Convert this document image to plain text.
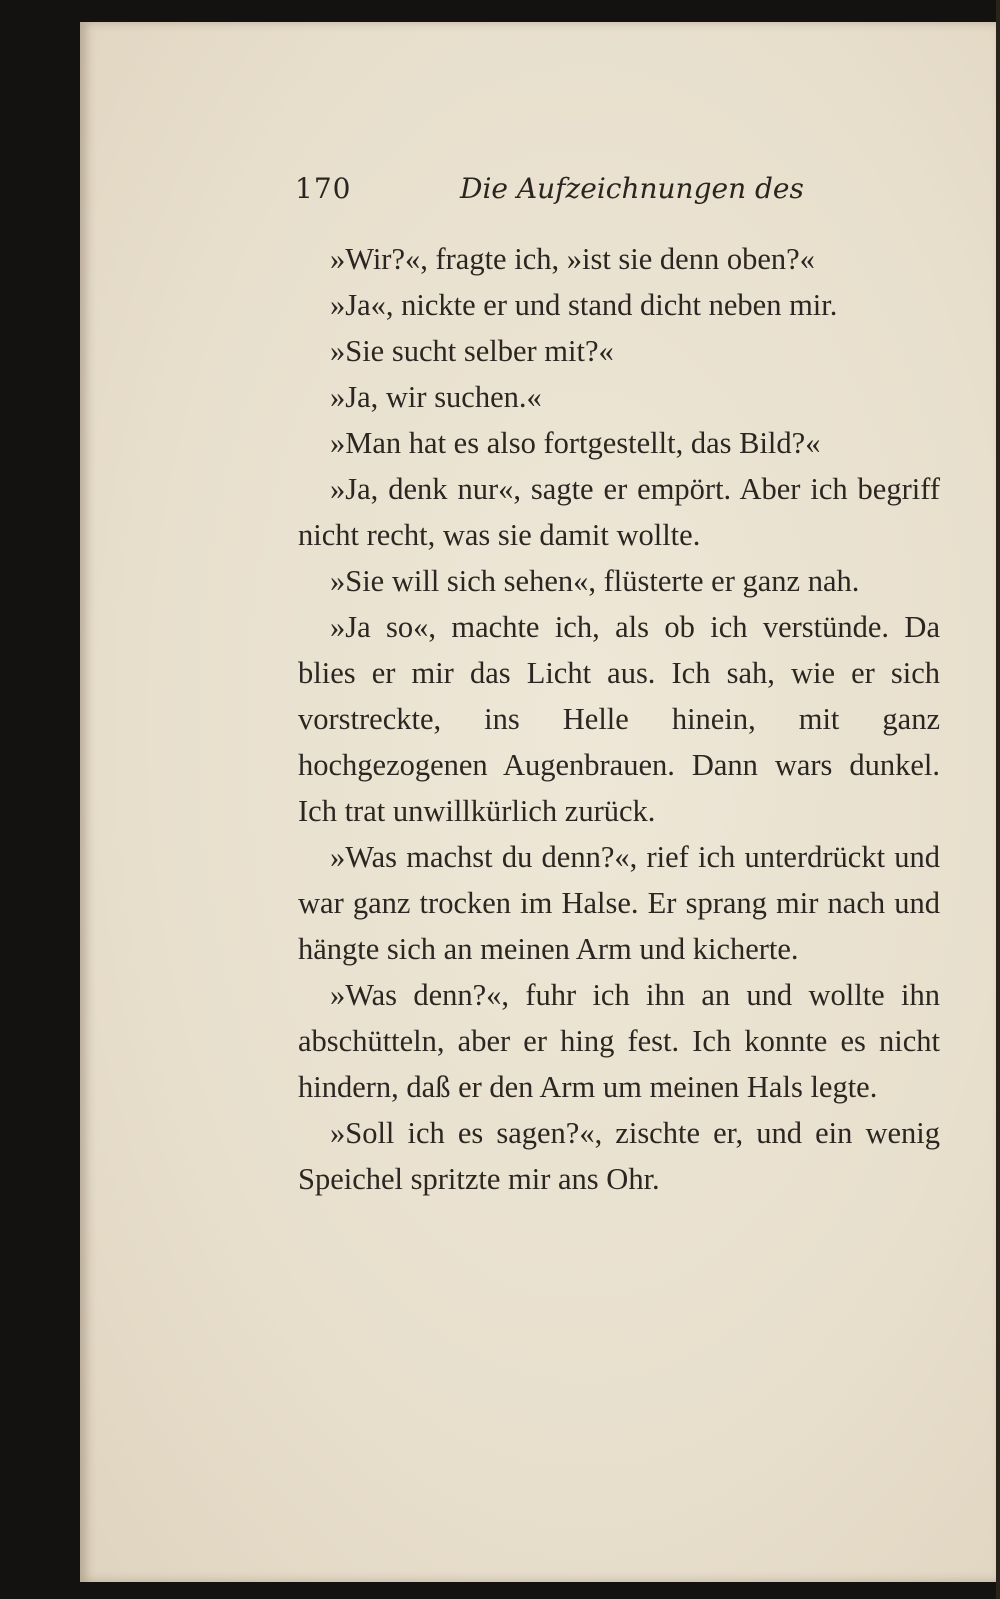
170	Die Aufzeichnungen des

»Wir?«, fragte ich, »ist sie denn oben?«

»Ja«, nickte er und stand dicht neben mir.

»Sie sucht selber mit?«

»Ja, wir suchen.«

»Man hat es also fortgestellt, das Bild?«

»Ja, denk nur«, sagte er empört. Aber ich begriff nicht recht, was sie damit wollte.

»Sie will sich sehen«, flüsterte er ganz nah.

»Ja so«, machte ich, als ob ich verstünde. Da blies er mir das Licht aus. Ich sah, wie er sich vorstreckte, ins Helle hinein, mit ganz hochgezogenen Augenbrauen. Dann wars dunkel. Ich trat unwillkürlich zurück.

»Was machst du denn?«, rief ich unterdrückt und war ganz trocken im Halse. Er sprang mir nach und hängte sich an meinen Arm und kicherte.

»Was denn?«, fuhr ich ihn an und wollte ihn abschütteln, aber er hing fest. Ich konnte es nicht hindern, daß er den Arm um meinen Hals legte.

»Soll ich es sagen?«, zischte er, und ein wenig Speichel spritzte mir ans Ohr.
